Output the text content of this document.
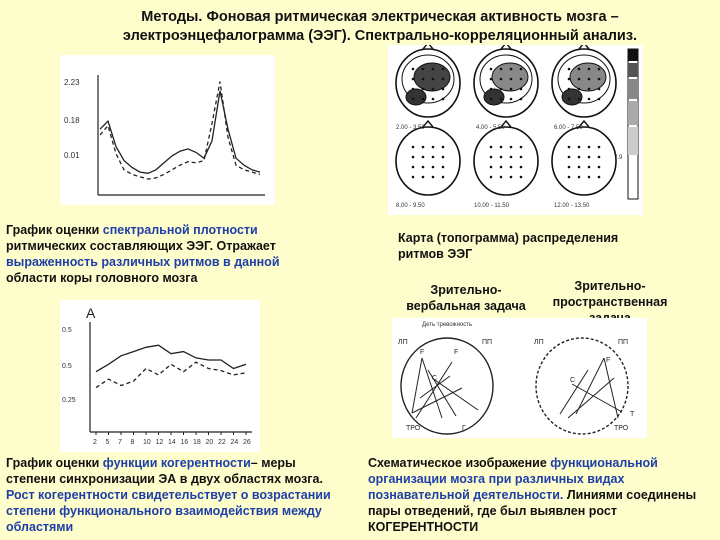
Методы. Фоновая ритмическая электрическая активность мозга –
электроэнцефалограмма (ЭЭГ). Спектрально-корреляционный анализ.
2.23
0.18
0.01
График оценки спектральной плотности ритмических составляющих ЭЭГ. Отражает выраженность различных ритмов в данной области коры головного мозга
A
0.5
0.5
0.25
2 5 7 8 10 12 14 16 18 20 22 24 26
График оценки функции когерентности– меры степени синхронизации ЭА в двух областях мозга. Рост когерентности свидетельствует о возрастании степени функционального взаимодействия между областями
2.00 - 3.50	4.00 - 5.50	6.00 - 7.50
8.00 - 9.50	10.00 - 11.50	12.00 - 13.50
7.9
Карта (топограмма) распределения
ритмов ЭЭГ
Зрительно-
вербальная задача
Зрительно-
пространственная
Деть тревожность
ЛП
F	F
ПП
C
ТРО	Г
ЛП	ПП
F
C
Т
ТРО
Схематическое изображение функциональной организации мозга при различных видах познавательной деятельности. Линиями соединены пары отведений, где был выявлен рост КОГЕРЕНТНОСТИ
